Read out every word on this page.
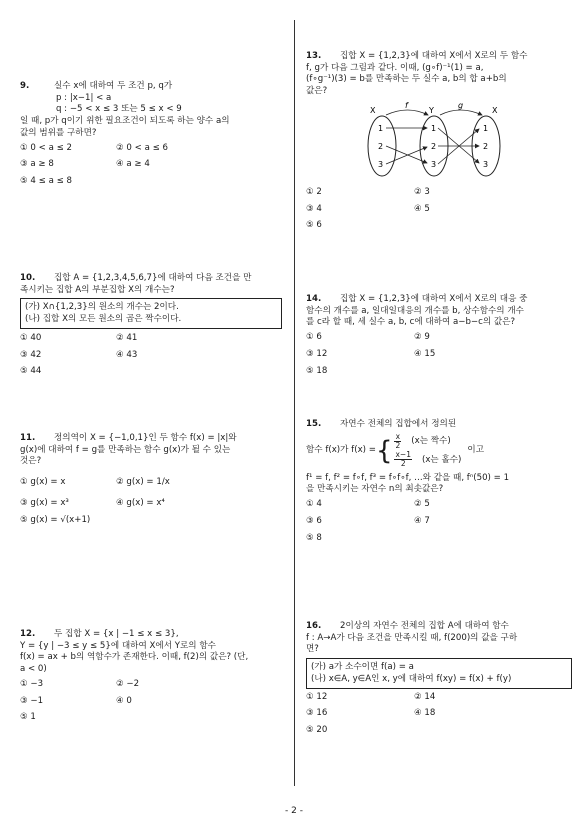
9.	실수 x에 대하여 두 조건 p, q가
p : |x−1| < a
q : −5 < x ≤ 3 또는 5 ≤ x < 9
일 때, p가 q이기 위한 필요조건이 되도록 하는 양수 a의
값의 범위를 구하면?
① 0 < a ≤ 2	② 0 < a ≤ 6
③ a ≥ 8	④ a ≥ 4
⑤ 4 ≤ a ≤ 8
10. 집합 A = {1,2,3,4,5,6,7}에 대하여 다음 조건을 만
족시키는 집합 A의 부분집합 X의 개수는?
(가) X∩{1,2,3}의 원소의 개수는 2이다.
(나) 집합 X의 모든 원소의 곱은 짝수이다.
① 40	② 41
③ 42	④ 43
⑤ 44
11. 정의역이 X = {−1,0,1}인 두 함수 f(x) = |x|와
g(x)에 대하여 f = g를 만족하는 함수 g(x)가 될 수 있는
것은?
① g(x) = x	② g(x) = 1/x
③ g(x) = x³	④ g(x) = x⁴
⑤ g(x) = √(x+1)
12. 두 집합 X = {x | −1 ≤ x ≤ 3},
Y = {y | −3 ≤ y ≤ 5}에 대하여 X에서 Y로의 함수
f(x) = ax + b의 역함수가 존재한다. 이때, f(2)의 값은? (단,
a < 0)
① −3	② −2
③ −1	④ 0
⑤ 1
13. 집합 X = {1,2,3}에 대하여 X에서 X로의 두 함수
f, g가 다음 그림과 같다. 이때, (g∘f)⁻¹(1) = a,
(f∘g⁻¹)(3) = b를 만족하는 두 실수 a, b의 합 a+b의
값은?
X	Y	X
f	g
1
2
3
1
2
3
1
2
3
① 2	② 3
③ 4	④ 5
⑤ 6
14. 집합 X = {1,2,3}에 대하여 X에서 X로의 대응 중
함수의 개수를 a, 일대일대응의 개수를 b, 상수함수의 개수
를 c라 할 때, 세 실수 a, b, c에 대하여 a−b−c의 값은?
① 6	② 9
③ 12	④ 15
⑤ 18
15. 자연수 전체의 집합에서 정의된
함수 f(x)가 f(x) = { $\frac{x}{2} (x$는 짝수)
$\frac{x-1}{2} (x$는 홀수)
이고
f¹ = f, f² = f∘f, f³ = f∘f∘f, …와 같을 때, fⁿ(50) = 1
을 만족시키는 자연수 n의 최솟값은?
① 4	② 5
③ 6	④ 7
⑤ 8
16. 2이상의 자연수 전체의 집합 A에 대하여 함수
f : A→A가 다음 조건을 만족시킬 때, f(200)의 값을 구하
면?
(가) a가 소수이면 f(a) = a
(나) x∈A, y∈A인 x, y에 대하여 f(xy) = f(x) + f(y)
① 12	② 14
③ 16	④ 18
⑤ 20
- 2 -
